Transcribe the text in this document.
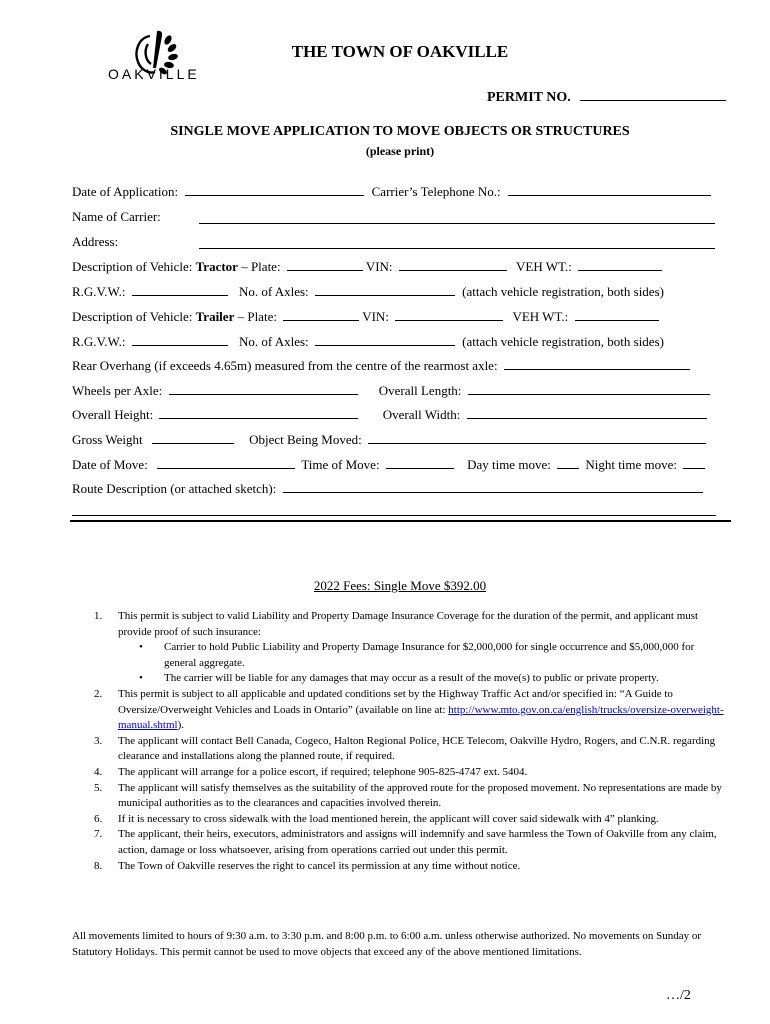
OAKVILLE
THE TOWN OF OAKVILLE
PERMIT NO.
SINGLE MOVE APPLICATION TO MOVE OBJECTS OR STRUCTURES
(please print)
Date of Application:	Carrier’s Telephone No.:
Name of Carrier:
Address:
Description of Vehicle: Tractor – Plate:	VIN:	VEH WT.:
R.G.V.W.:	No. of Axles:	(attach vehicle registration, both sides)
Description of Vehicle: Trailer – Plate:	VIN:	VEH WT.:
R.G.V.W.:	No. of Axles:	(attach vehicle registration, both sides)
Rear Overhang (if exceeds 4.65m) measured from the centre of the rearmost axle:
Wheels per Axle:	Overall Length:
Overall Height:	Overall Width:
Gross Weight	Object Being Moved:
Date of Move:	Time of Move:	Day time move:	Night time move:
Route Description (or attached sketch):
2022 Fees: Single Move $392.00
1. This permit is subject to valid Liability and Property Damage Insurance Coverage for the duration of the permit, and applicant must provide proof of such insurance:
• Carrier to hold Public Liability and Property Damage Insurance for $2,000,000 for single occurrence and $5,000,000 for general aggregate.
• The carrier will be liable for any damages that may occur as a result of the move(s) to public or private property.
2. This permit is subject to all applicable and updated conditions set by the Highway Traffic Act and/or specified in: “A Guide to Oversize/Overweight Vehicles and Loads in Ontario” (available on line at: http://www.mto.gov.on.ca/english/trucks/oversize-overweight-manual.shtml).
3. The applicant will contact Bell Canada, Cogeco, Halton Regional Police, HCE Telecom, Oakville Hydro, Rogers, and C.N.R. regarding clearance and installations along the planned route, if required.
4. The applicant will arrange for a police escort, if required; telephone 905-825-4747 ext. 5404.
5. The applicant will satisfy themselves as the suitability of the approved route for the proposed movement. No representations are made by municipal authorities as to the clearances and capacities involved therein.
6. If it is necessary to cross sidewalk with the load mentioned herein, the applicant will cover said sidewalk with 4” planking.
7. The applicant, their heirs, executors, administrators and assigns will indemnify and save harmless the Town of Oakville from any claim, action, damage or loss whatsoever, arising from operations carried out under this permit.
8. The Town of Oakville reserves the right to cancel its permission at any time without notice.
All movements limited to hours of 9:30 a.m. to 3:30 p.m. and 8:00 p.m. to 6:00 a.m. unless otherwise authorized. No movements on Sunday or Statutory Holidays. This permit cannot be used to move objects that exceed any of the above mentioned limitations.
…/2
